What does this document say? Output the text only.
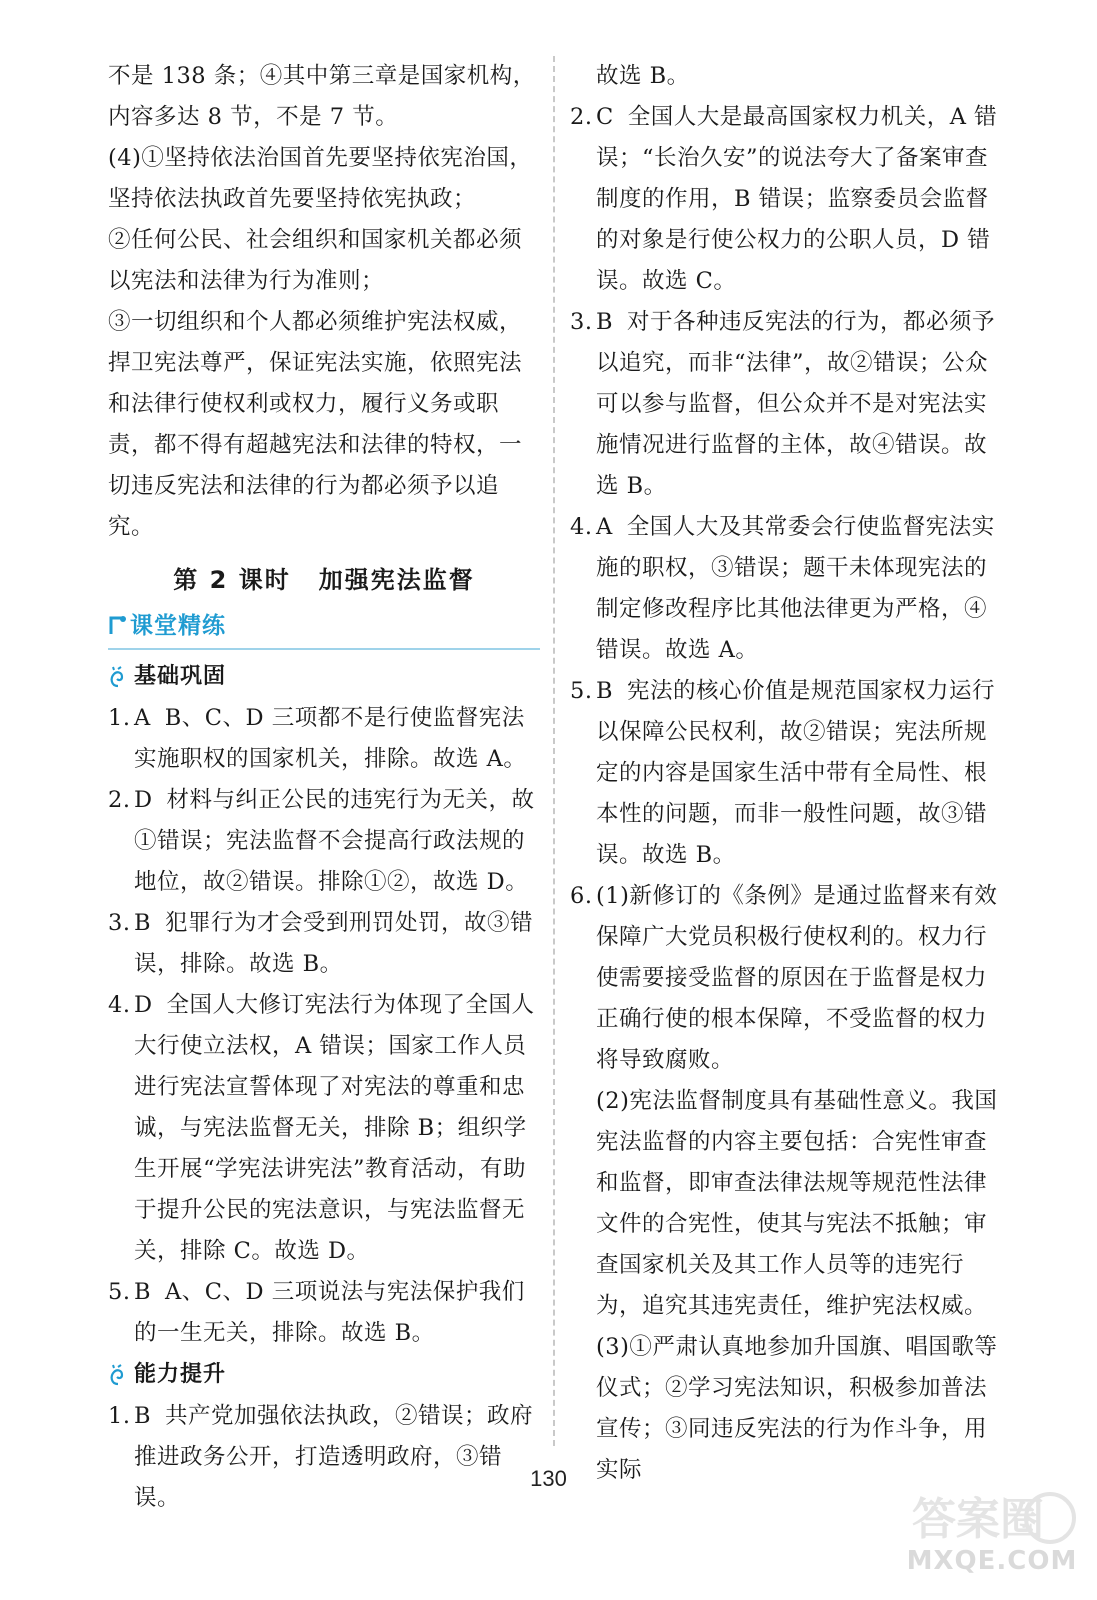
不是 138 条；④其中第三章是国家机构，内容多达 8 节，不是 7 节。

(4)①坚持依法治国首先要坚持依宪治国，坚持依法执政首先要坚持依宪执政；

②任何公民、社会组织和国家机关都必须以宪法和法律为行为准则；

③一切组织和个人都必须维护宪法权威，捍卫宪法尊严，保证宪法实施，依照宪法和法律行使权利或权力，履行义务或职责，都不得有超越宪法和法律的特权，一切违反宪法和法律的行为都必须予以追究。

第 2 课时 加强宪法监督
课堂精练
基础巩固

1. A B、C、D 三项都不是行使监督宪法实施职权的国家机关，排除。故选 A。

2. D 材料与纠正公民的违宪行为无关，故①错误；宪法监督不会提高行政法规的地位，故②错误。排除①②，故选 D。

3. B 犯罪行为才会受到刑罚处罚，故③错误，排除。故选 B。

4. D 全国人大修订宪法行为体现了全国人大行使立法权，A 错误；国家工作人员进行宪法宣誓体现了对宪法的尊重和忠诚，与宪法监督无关，排除 B；组织学生开展“学宪法讲宪法”教育活动，有助于提升公民的宪法意识，与宪法监督无关，排除 C。故选 D。

5. B A、C、D 三项说法与宪法保护我们的一生无关，排除。故选 B。

能力提升

1. B 共产党加强依法执政，②错误；政府推进政务公开，打造透明政府，③错误。

故选 B。

2. C 全国人大是最高国家权力机关，A 错误；“长治久安”的说法夸大了备案审查制度的作用，B 错误；监察委员会监督的对象是行使公权力的公职人员，D 错误。故选 C。

3. B 对于各种违反宪法的行为，都必须予以追究，而非“法律”，故②错误；公众可以参与监督，但公众并不是对宪法实施情况进行监督的主体，故④错误。故选 B。

4. A 全国人大及其常委会行使监督宪法实施的职权，③错误；题干未体现宪法的制定修改程序比其他法律更为严格，④错误。故选 A。

5. B 宪法的核心价值是规范国家权力运行以保障公民权利，故②错误；宪法所规定的内容是国家生活中带有全局性、根本性的问题，而非一般性问题，故③错误。故选 B。

6. (1)新修订的《条例》是通过监督来有效保障广大党员积极行使权利的。权力行使需要接受监督的原因在于监督是权力正确行使的根本保障，不受监督的权力将导致腐败。

(2)宪法监督制度具有基础性意义。我国宪法监督的内容主要包括：合宪性审查和监督，即审查法律法规等规范性法律文件的合宪性，使其与宪法不抵触；审查国家机关及其工作人员等的违宪行为，追究其违宪责任，维护宪法权威。

(3)①严肃认真地参加升国旗、唱国歌等仪式；②学习宪法知识，积极参加普法宣传；③同违反宪法的行为作斗争，用实际

130
答案圈
MXQE.COM
